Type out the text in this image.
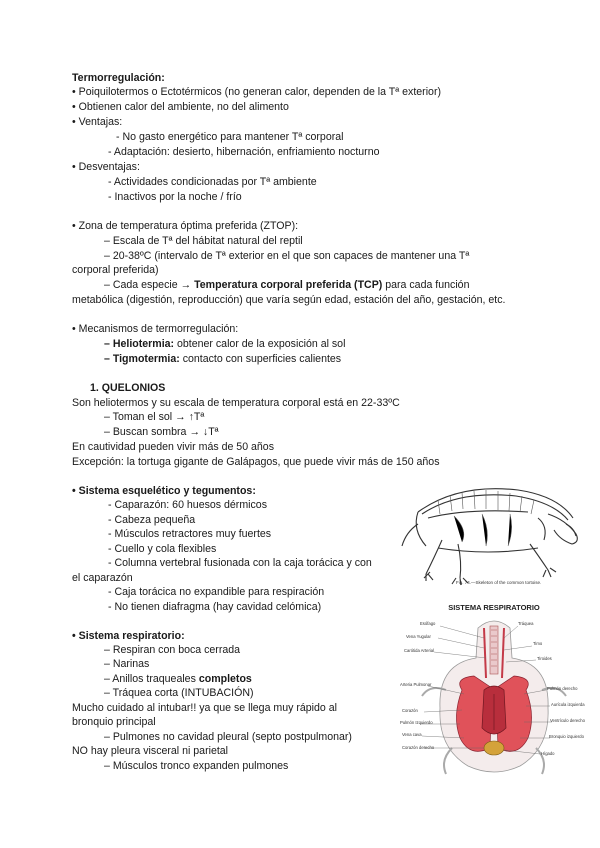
Termorregulación:
• Poiquilotermos o Ectotérmicos (no generan calor, dependen de la Tª exterior)
• Obtienen calor del ambiente, no del alimento
• Ventajas:
- No gasto energético para mantener Tª corporal
- Adaptación: desierto, hibernación, enfriamiento nocturno
• Desventajas:
- Actividades condicionadas por Tª ambiente
- Inactivos por la noche / frío
• Zona de temperatura óptima preferida (ZTOP):
– Escala de Tª del hábitat natural del reptil
– 20-38ºC (intervalo de Tª exterior en el que son capaces de mantener una Tª
corporal preferida)
– Cada especie → Temperatura corporal preferida (TCP) para cada función
metabólica (digestión, reproducción) que varía según edad, estación del año, gestación, etc.
• Mecanismos de termorregulación:
– Heliotermia: obtener calor de la exposición al sol
– Tigmotermia: contacto con superficies calientes
1. QUELONIOS
Son heliotermos y su escala de temperatura corporal está en 22-33ºC
– Toman el sol → ↑Tª
– Buscan sombra → ↓Tª
En cautividad pueden vivir más de 50 años
Excepción: la tortuga gigante de Galápagos, que puede vivir más de 150 años
• Sistema esquelético y tegumentos:
- Caparazón: 60 huesos dérmicos
- Cabeza pequeña
- Músculos retractores muy fuertes
- Cuello y cola flexibles
- Columna vertebral fusionada con la caja torácica y con
el caparazón
- Caja torácica no expandible para respiración
- No tienen diafragma (hay cavidad celómica)
• Sistema respiratorio:
– Respiran con boca cerrada
– Narinas
– Anillos traqueales completos
– Tráquea corta (INTUBACIÓN)
Mucho cuidado al intubar!! ya que se llega muy rápido al
bronquio principal
– Pulmones no cavidad pleural (septo postpulmonar)
NO hay pleura visceral ni parietal
– Músculos tronco expanden pulmones
Fig. 74.—Skeleton of the common tortoise.
SISTEMA RESPIRATORIO
Esófago
Vena Yugular
Carótida Arterial
Arteria Pulmonar
Corazón
Pulmón Izquierdo
Vena cava
Corazón derecho
Tráquea
Timo
Tiroides
Pulmón derecho
Aurícula izquierda
Ventrículo derecho
Bronquio izquierdo
Hígado
